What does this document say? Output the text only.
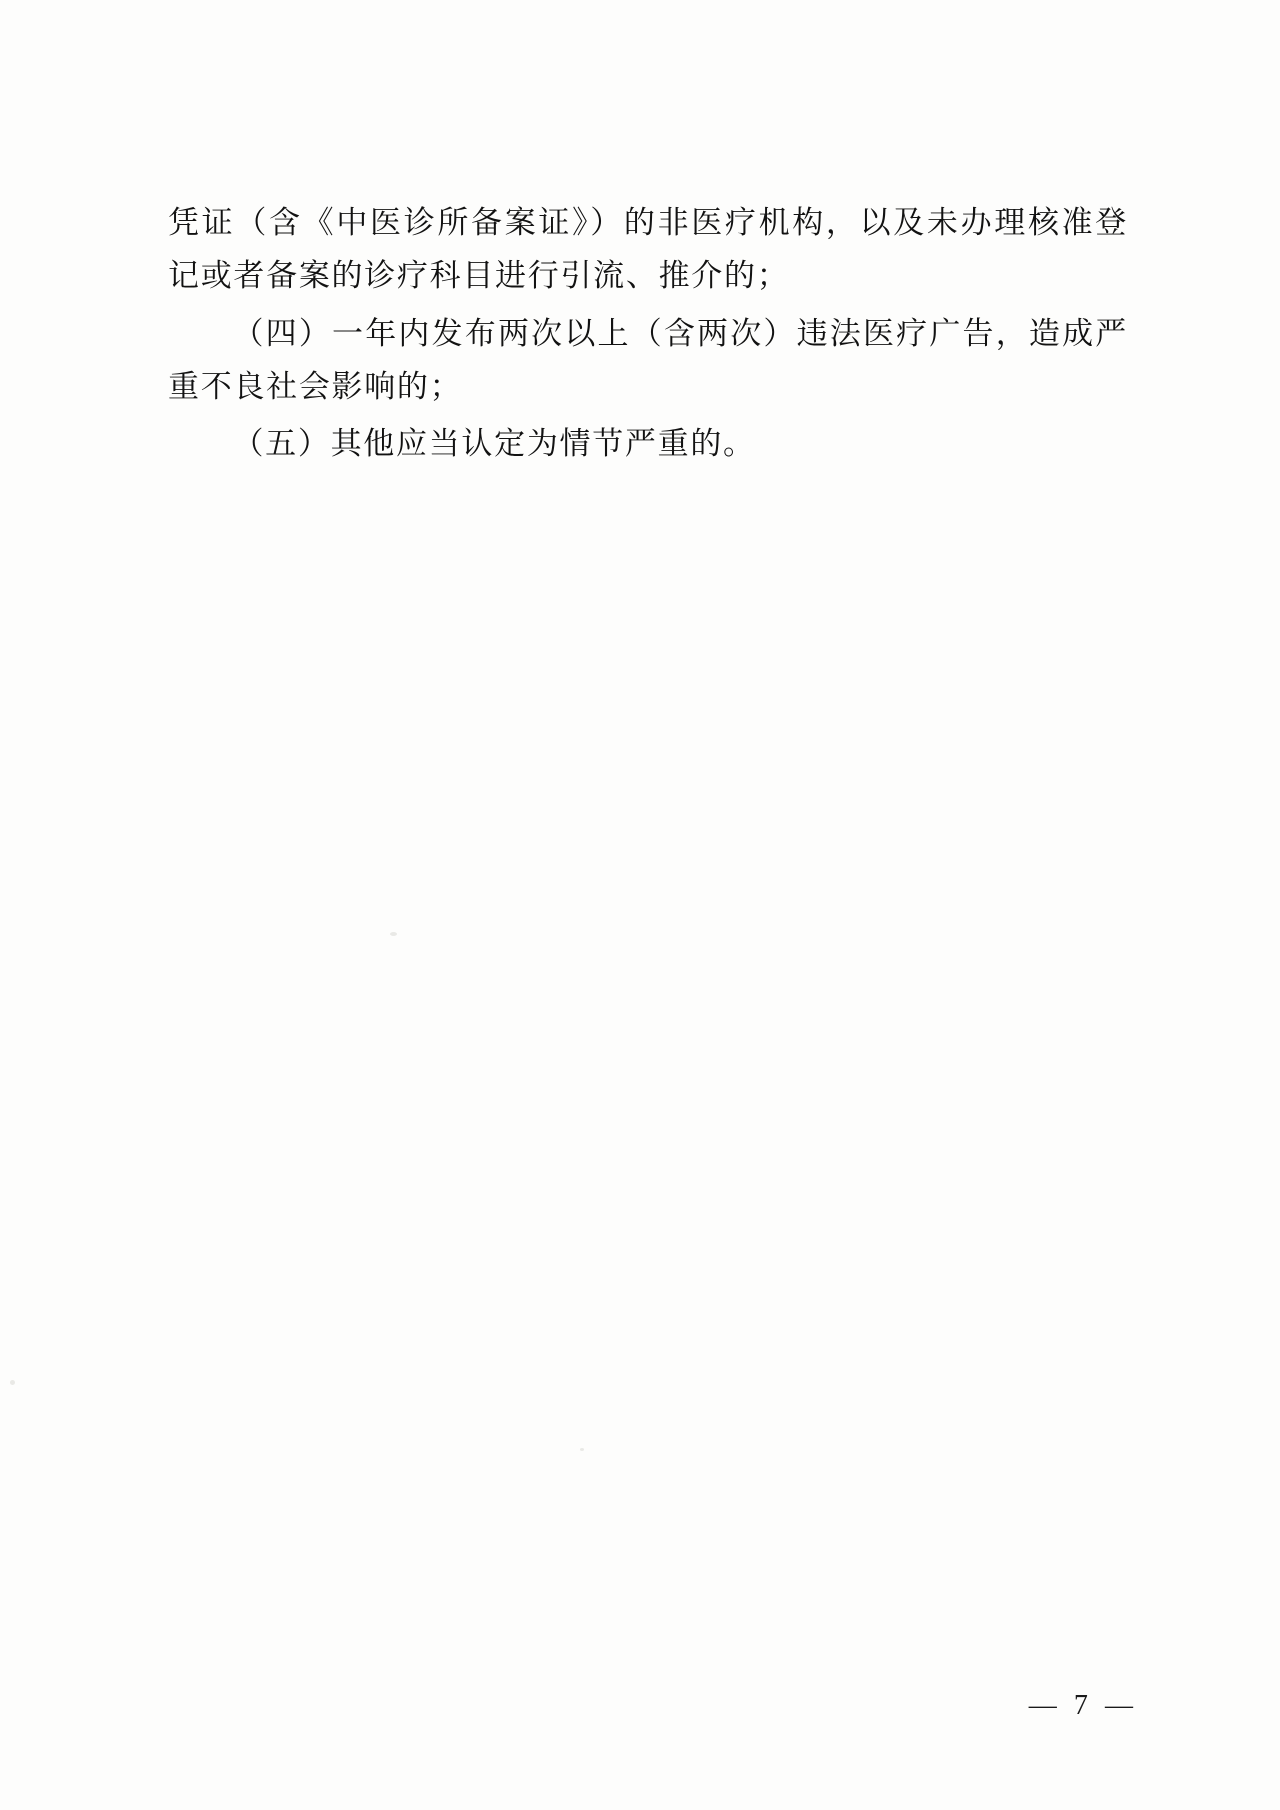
凭证（含《中医诊所备案证》）的非医疗机构，以及未办理核准登记或者备案的诊疗科目进行引流、推介的；

（四）一年内发布两次以上（含两次）违法医疗广告，造成严重不良社会影响的；

（五）其他应当认定为情节严重的。

— 7 —
